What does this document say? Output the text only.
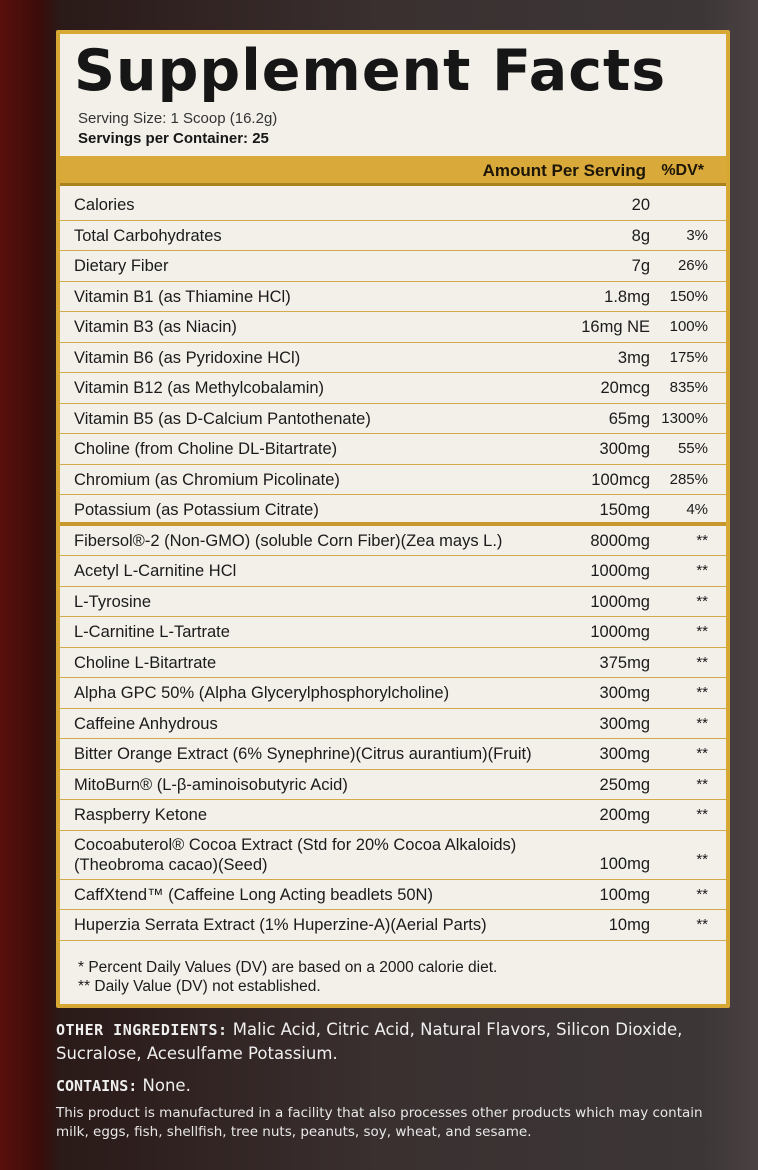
Supplement Facts
Serving Size: 1 Scoop (16.2g)
Servings per Container: 25
Amount Per Serving %DV*
Calories	20
Total Carbohydrates	8g 3%
Dietary Fiber	7g 26%
Vitamin B1 (as Thiamine HCl)	1.8mg 150%
Vitamin B3 (as Niacin)	16mg NE 100%
Vitamin B6 (as Pyridoxine HCl)	3mg 175%
Vitamin B12 (as Methylcobalamin)	20mcg 835%
Vitamin B5 (as D-Calcium Pantothenate)	65mg 1300%
Choline (from Choline DL-Bitartrate)	300mg 55%
Chromium (as Chromium Picolinate)	100mcg 285%
Potassium (as Potassium Citrate)	150mg 4%
Fibersol®-2 (Non-GMO) (soluble Corn Fiber)(Zea mays L.)	8000mg	**
Acetyl L-Carnitine HCl	1000mg	**
L-Tyrosine	1000mg	**
L-Carnitine L-Tartrate	1000mg	**
Choline L-Bitartrate	375mg	**
Alpha GPC 50% (Alpha Glycerylphosphorylcholine)	300mg	**
Caffeine Anhydrous	300mg	**
Bitter Orange Extract (6% Synephrine)(Citrus aurantium)(Fruit)	300mg	**
MitoBurn® (L-β-aminoisobutyric Acid)	250mg	**
Raspberry Ketone	200mg	**
Cocoabuterol® Cocoa Extract (Std for 20% Cocoa Alkaloids)(Theobroma cacao)(Seed)	100mg	**
CaffXtend™ (Caffeine Long Acting beadlets 50N)	100mg	**
Huperzia Serrata Extract (1% Huperzine-A)(Aerial Parts)	10mg	**
* Percent Daily Values (DV) are based on a 2000 calorie diet.
** Daily Value (DV) not established.
OTHER INGREDIENTS: Malic Acid, Citric Acid, Natural Flavors, Silicon Dioxide, Sucralose, Acesulfame Potassium.
CONTAINS: None.
This product is manufactured in a facility that also processes other products which may contain milk, eggs, fish, shellfish, tree nuts, peanuts, soy, wheat, and sesame.
